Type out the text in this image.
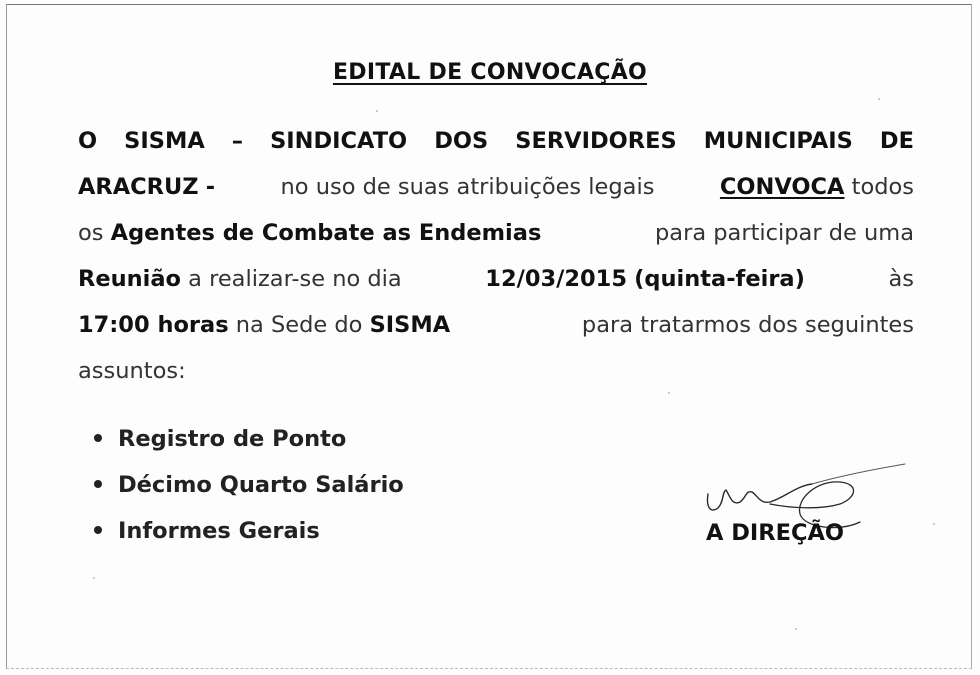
EDITAL DE CONVOCAÇÃO
O SISMA – SINDICATO DOS SERVIDORES MUNICIPAIS DE
ARACRUZ -	no uso de suas atribuições legais	CONVOCA todos
os Agentes de Combate as Endemias	para participar de uma
Reunião a realizar-se no dia	12/03/2015 (quinta-feira)	às
17:00 horas na Sede do SISMA	para tratarmos dos seguintes
assuntos:
Registro de Ponto
Décimo Quarto Salário
Informes Gerais	A DIREÇÃO
